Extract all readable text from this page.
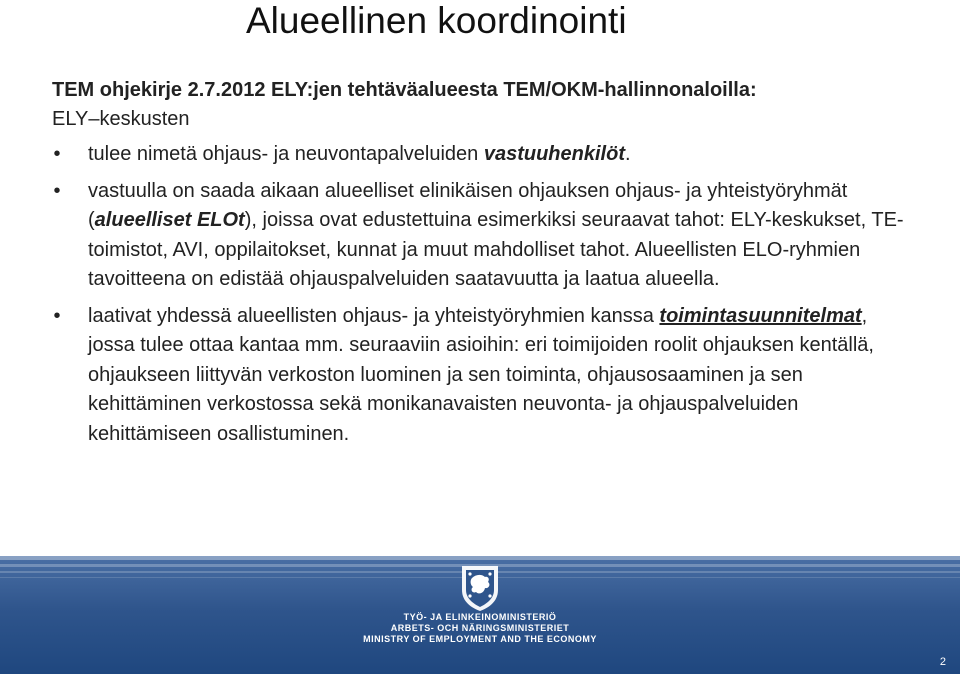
Alueellinen koordinointi
TEM ohjekirje 2.7.2012 ELY:jen tehtäväalueesta TEM/OKM-hallinnonaloilla:
ELY–keskusten
• tulee nimetä ohjaus- ja neuvontapalveluiden vastuuhenkilöt.
• vastuulla on saada aikaan alueelliset elinikäisen ohjauksen ohjaus- ja yhteistyöryhmät (alueelliset ELOt), joissa ovat edustettuina esimerkiksi seuraavat tahot: ELY-keskukset, TE-toimistot, AVI, oppilaitokset, kunnat ja muut mahdolliset tahot. Alueellisten ELO-ryhmien tavoitteena on edistää ohjauspalveluiden saatavuutta ja laatua alueella.
• laativat yhdessä alueellisten ohjaus- ja yhteistyöryhmien kanssa toimintasuunnitelmat, jossa tulee ottaa kantaa mm. seuraaviin asioihin: eri toimijoiden roolit ohjauksen kentällä, ohjaukseen liittyvän verkoston luominen ja sen toiminta, ohjausosaaminen ja sen kehittäminen verkostossa sekä monikanavaisten neuvonta- ja ohjauspalveluiden kehittämiseen osallistuminen.
TYÖ- JA ELINKEINOMINISTERIÖ
ARBETS- OCH NÄRINGSMINISTERIET
MINISTRY OF EMPLOYMENT AND THE ECONOMY
2
